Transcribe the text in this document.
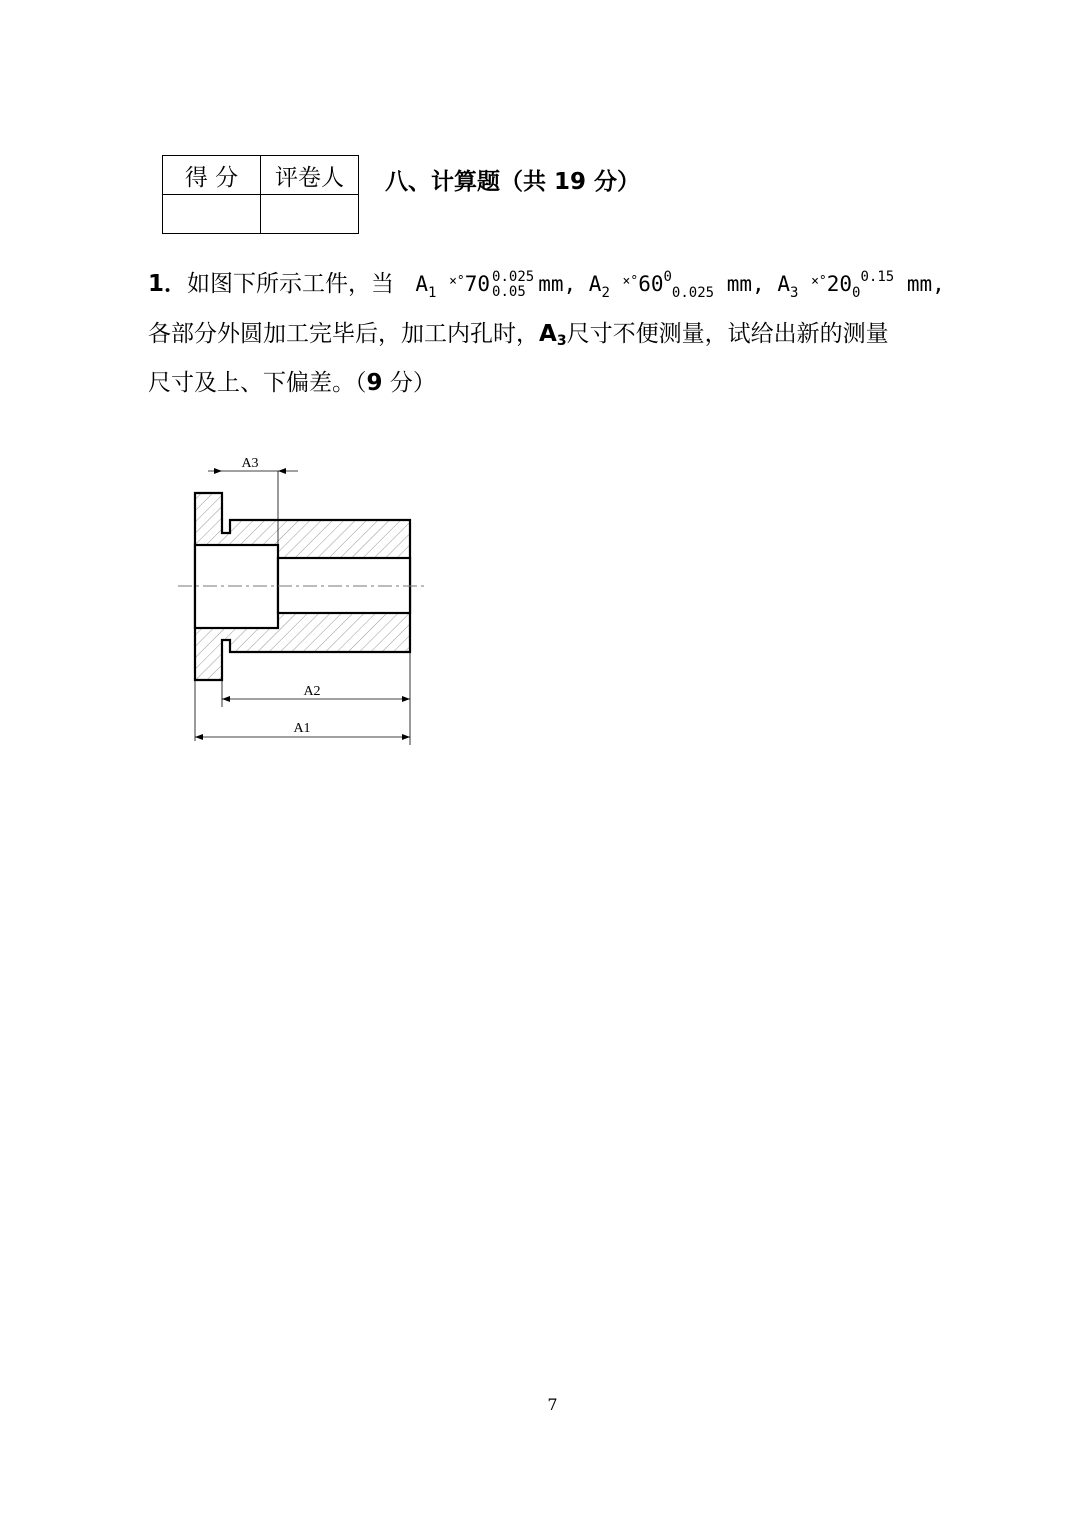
得 分	评卷人
	八、计算题（共 19 分）
1．如图下所示工件，当 $A_1$ ×°70 0.025
0.05 mm, $A_2$ $^{\times^\circ}60^0_{0.025}$ mm, $A_3$ $^{\times^\circ}20_0^{0.15}$ mm,
各部分外圆加工完毕后，加工内孔时，A3尺寸不便测量，试给出新的测量
尺寸及上、下偏差。（9 分）
A3
A2
A1
7
